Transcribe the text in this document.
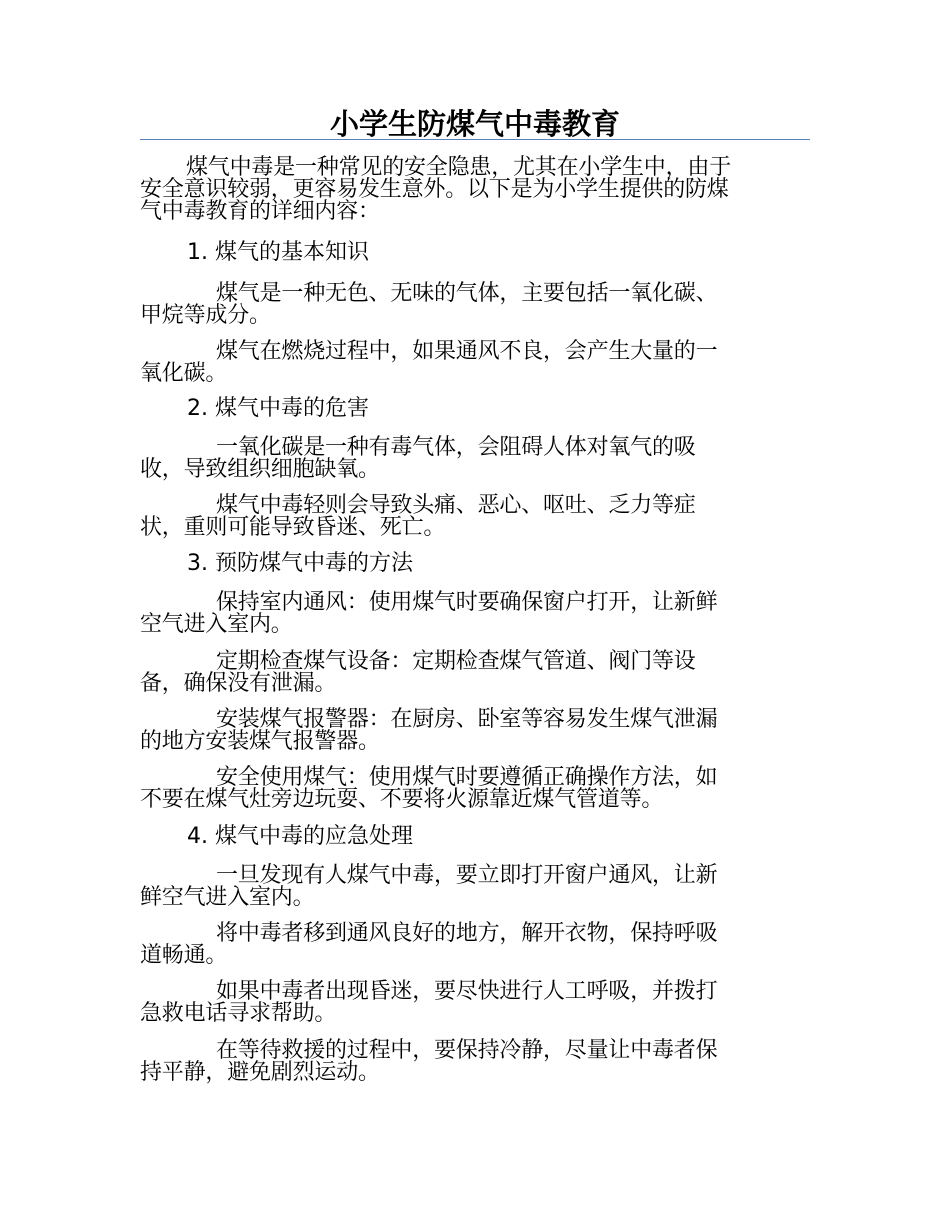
小学生防煤气中毒教育
煤气中毒是一种常见的安全隐患，尤其在小学生中，由于
安全意识较弱，更容易发生意外。以下是为小学生提供的防煤
气中毒教育的详细内容：
1. 煤气的基本知识
煤气是一种无色、无味的气体，主要包括一氧化碳、
甲烷等成分。
煤气在燃烧过程中，如果通风不良，会产生大量的一
氧化碳。
2. 煤气中毒的危害
一氧化碳是一种有毒气体，会阻碍人体对氧气的吸
收，导致组织细胞缺氧。
煤气中毒轻则会导致头痛、恶心、呕吐、乏力等症
状，重则可能导致昏迷、死亡。
3. 预防煤气中毒的方法
保持室内通风：使用煤气时要确保窗户打开，让新鲜
空气进入室内。
定期检查煤气设备：定期检查煤气管道、阀门等设
备，确保没有泄漏。
安装煤气报警器：在厨房、卧室等容易发生煤气泄漏
的地方安装煤气报警器。
安全使用煤气：使用煤气时要遵循正确操作方法，如
不要在煤气灶旁边玩耍、不要将火源靠近煤气管道等。
4. 煤气中毒的应急处理
一旦发现有人煤气中毒，要立即打开窗户通风，让新
鲜空气进入室内。
将中毒者移到通风良好的地方，解开衣物，保持呼吸
道畅通。
如果中毒者出现昏迷，要尽快进行人工呼吸，并拨打
急救电话寻求帮助。
在等待救援的过程中，要保持冷静，尽量让中毒者保
持平静，避免剧烈运动。
